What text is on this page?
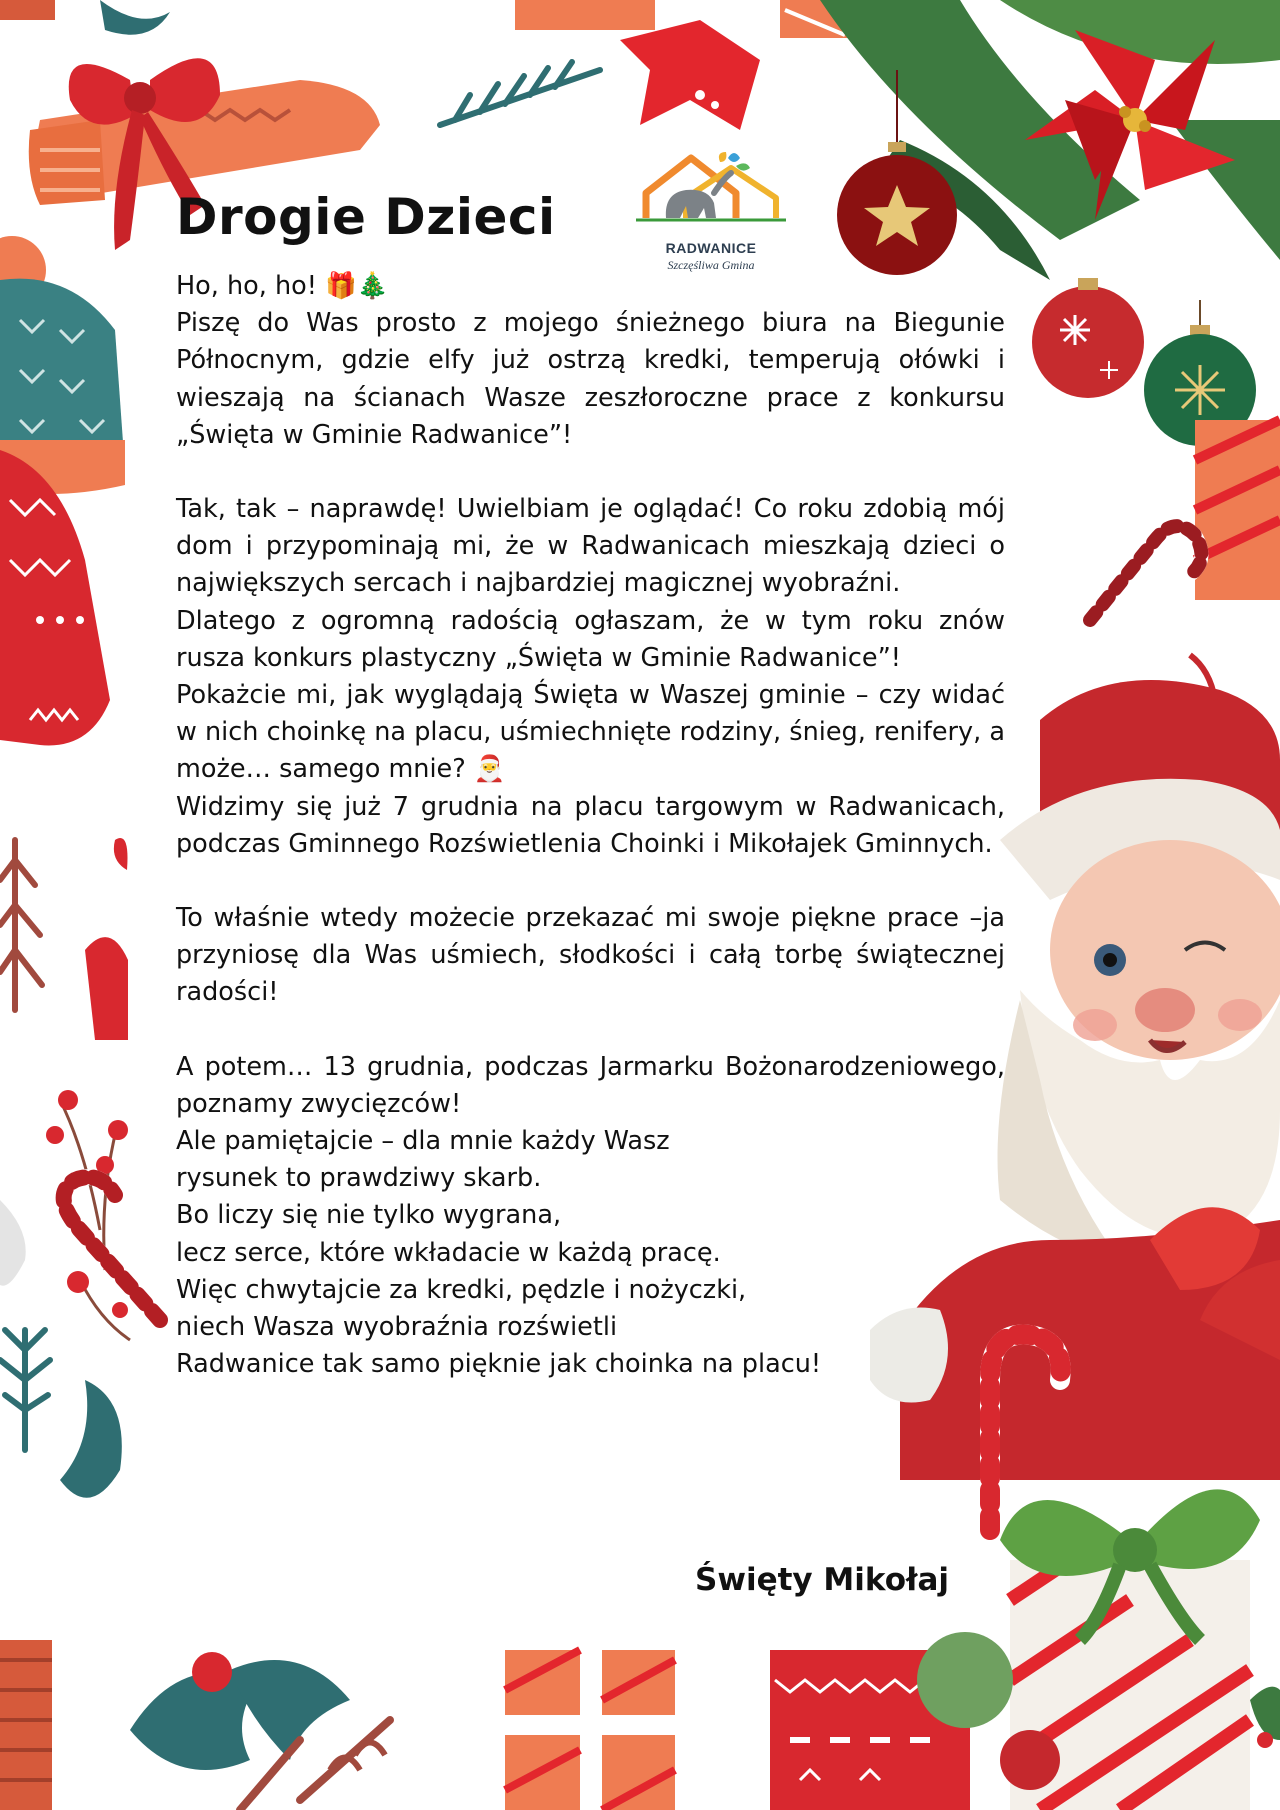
RADWANICE
Szczęśliwa Gmina
Drogie Dzieci

Ho, ho, ho! 🎁🎄

Piszę do Was prosto z mojego śnieżnego biura na Biegunie Północnym, gdzie elfy już ostrzą kredki, temperują ołówki i wieszają na ścianach Wasze zeszłoroczne prace z konkursu „Święta w Gminie Radwanice”!

Tak, tak – naprawdę! Uwielbiam je oglądać! Co roku zdobią mój dom i przypominają mi, że w Radwanicach mieszkają dzieci o największych sercach i najbardziej magicznej wyobraźni.

Dlatego z ogromną radością ogłaszam, że w tym roku znów rusza konkurs plastyczny „Święta w Gminie Radwanice”!

Pokażcie mi, jak wyglądają Święta w Waszej gminie – czy widać w nich choinkę na placu, uśmiechnięte rodziny, śnieg, renifery, a może… samego mnie? 🎅

Widzimy się już 7 grudnia na placu targowym w Radwanicach, podczas Gminnego Rozświetlenia Choinki i Mikołajek Gminnych.

To właśnie wtedy możecie przekazać mi swoje piękne prace –ja przyniosę dla Was uśmiech, słodkości i całą torbę świątecznej radości!

A potem… 13 grudnia, podczas Jarmarku Bożonarodzeniowego, poznamy zwycięzców!

Ale pamiętajcie – dla mnie każdy Wasz

rysunek to prawdziwy skarb.

Bo liczy się nie tylko wygrana,

lecz serce, które wkładacie w każdą pracę.

Więc chwytajcie za kredki, pędzle i nożyczki,

niech Wasza wyobraźnia rozświetli

Radwanice tak samo pięknie jak choinka na placu!

Święty Mikołaj
